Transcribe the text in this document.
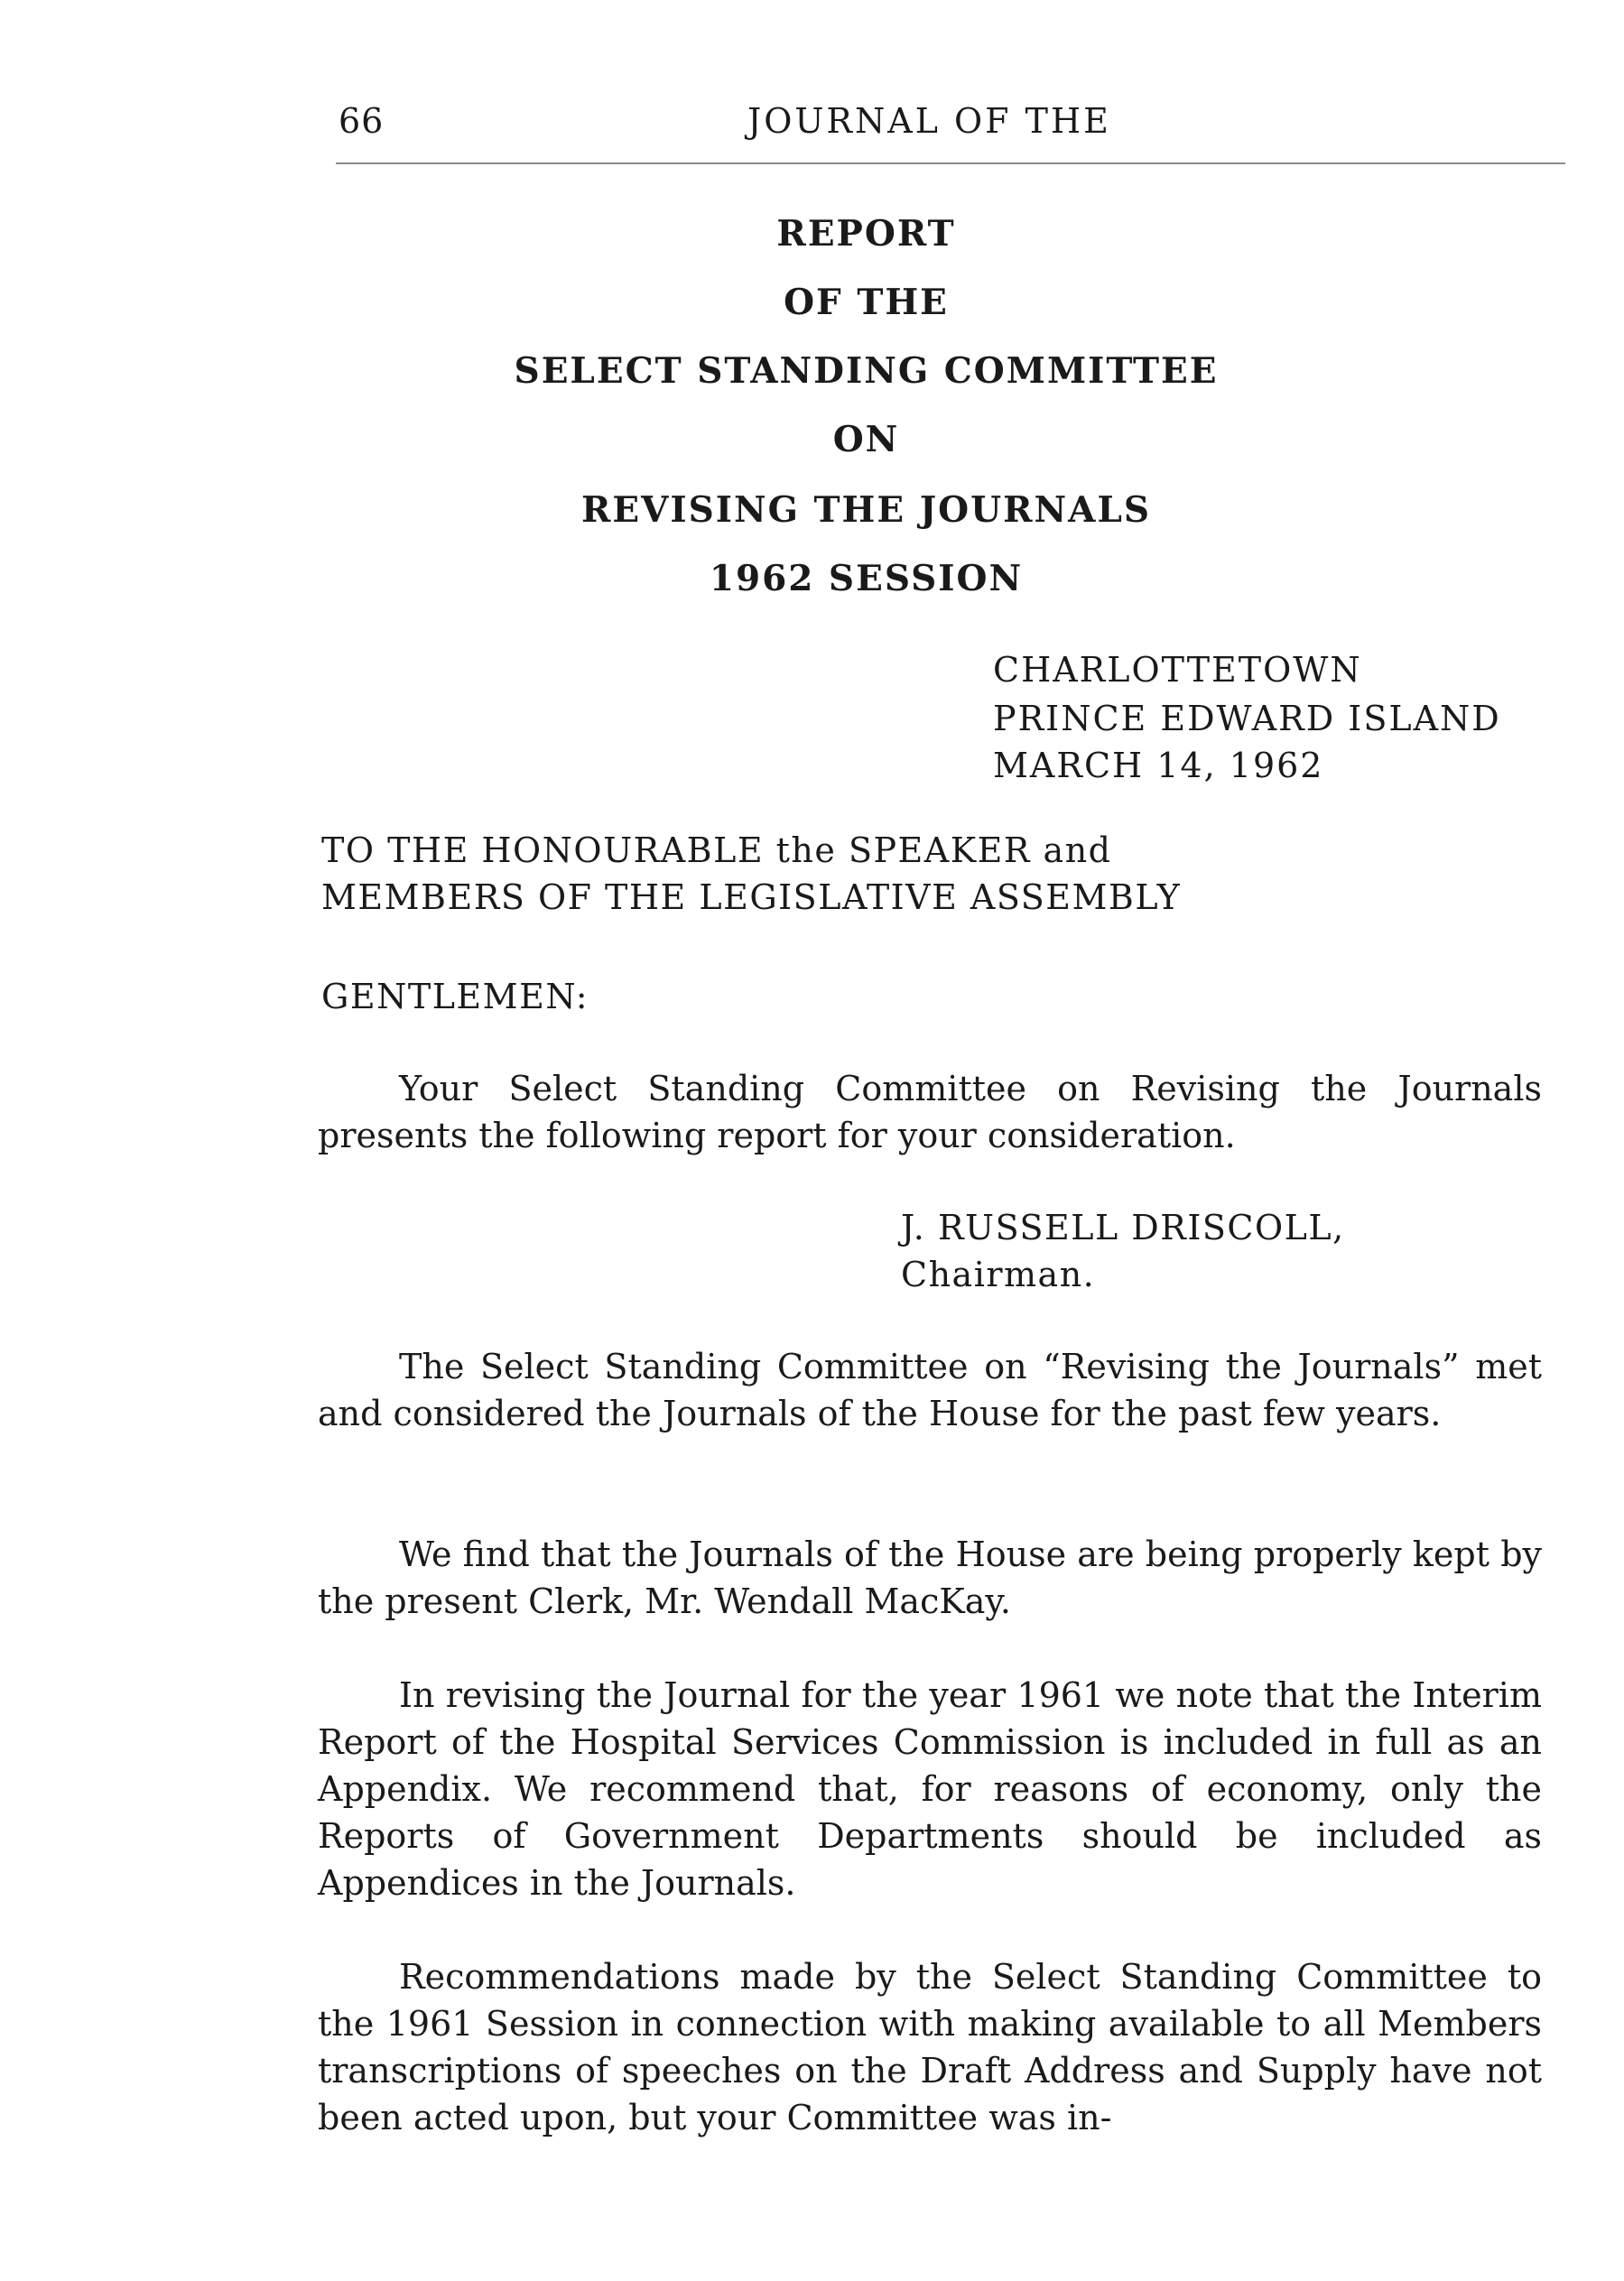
66	JOURNAL OF THE
REPORT
OF THE
SELECT STANDING COMMITTEE
ON
REVISING THE JOURNALS
1962 SESSION
CHARLOTTETOWN
PRINCE EDWARD ISLAND
MARCH 14, 1962
TO THE HONOURABLE the SPEAKER and
MEMBERS OF THE LEGISLATIVE ASSEMBLY
GENTLEMEN:

Your Select Standing Committee on Revising the Journals presents the following report for your consideration.

J. RUSSELL DRISCOLL,
Chairman.

The Select Standing Committee on “Revising the Journals” met and considered the Journals of the House for the past few years.

We find that the Journals of the House are being properly kept by the present Clerk, Mr. Wendall MacKay.

In revising the Journal for the year 1961 we note that the Interim Report of the Hospital Services Commission is included in full as an Appendix. We recommend that, for reasons of economy, only the Reports of Government Departments should be included as Appendices in the Journals.

Recommendations made by the Select Standing Committee to the 1961 Session in connection with making available to all Members transcriptions of speeches on the Draft Address and Supply have not been acted upon, but your Committee was in-
